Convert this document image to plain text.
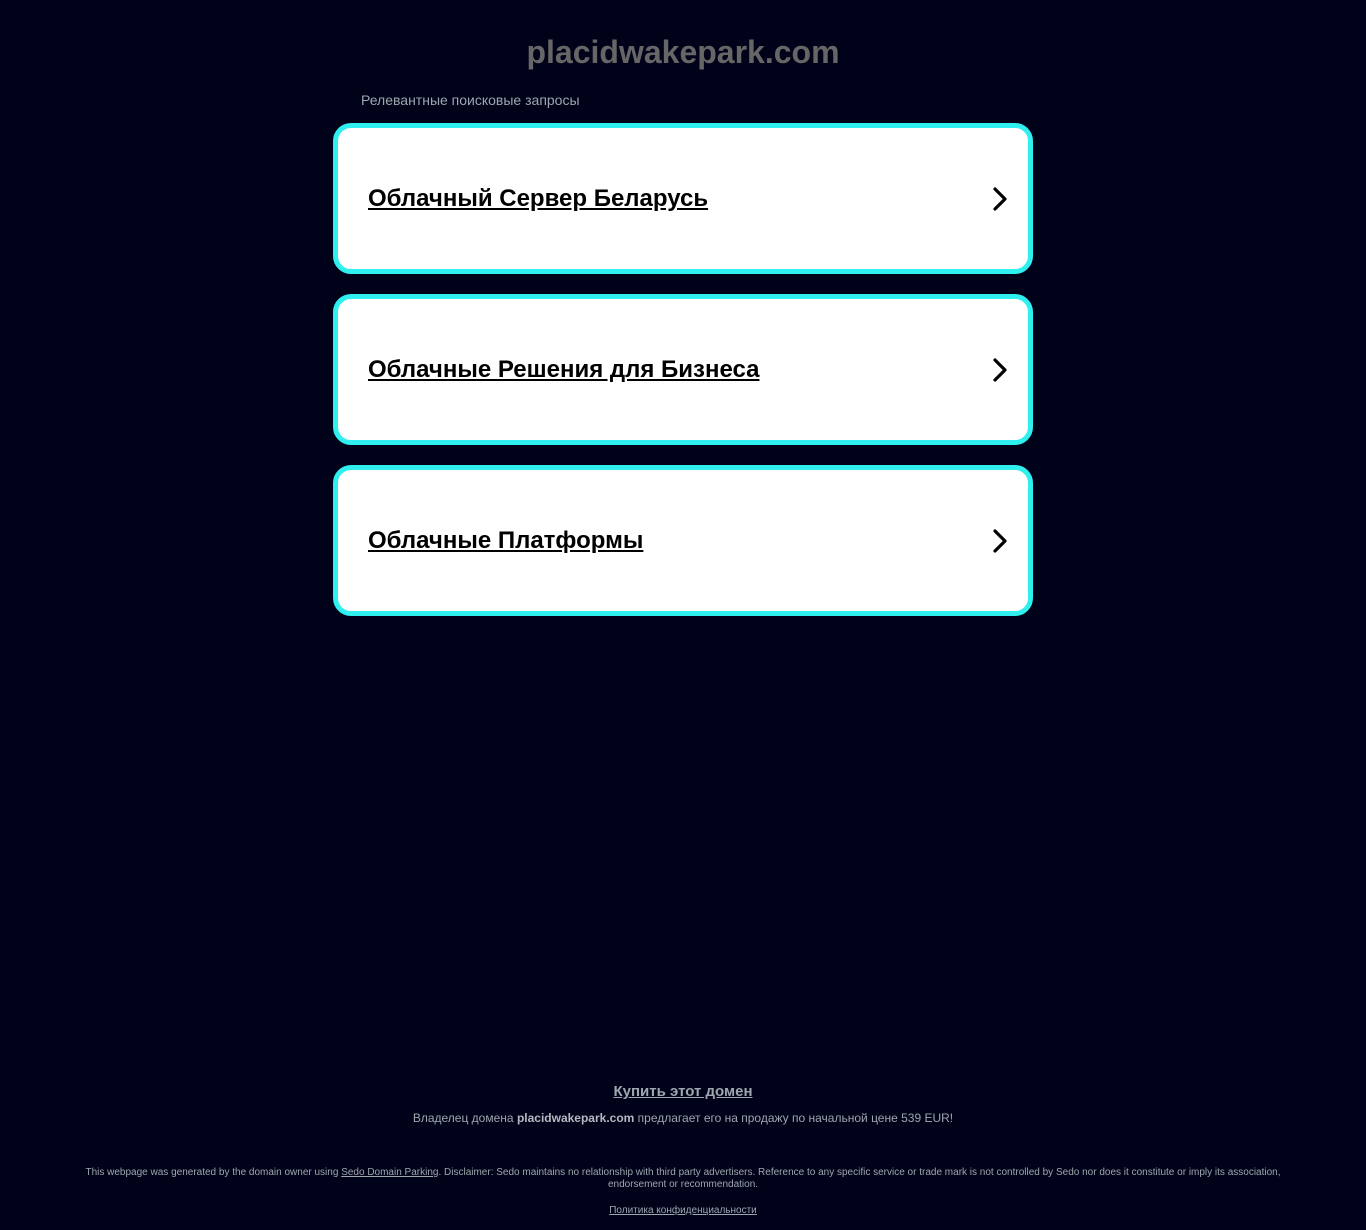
placidwakepark.com
Релевантные поисковые запросы
Облачный Сервер Беларусь
Облачные Решения для Бизнеса
Облачные Платформы
Купить этот домен
Владелец домена placidwakepark.com предлагает его на продажу по начальной цене 539 EUR!
This webpage was generated by the domain owner using Sedo Domain Parking. Disclaimer: Sedo maintains no relationship with third party advertisers. Reference to any specific service or trade mark is not controlled by Sedo nor does it constitute or imply its association, endorsement or recommendation.
Политика конфиденциальности
